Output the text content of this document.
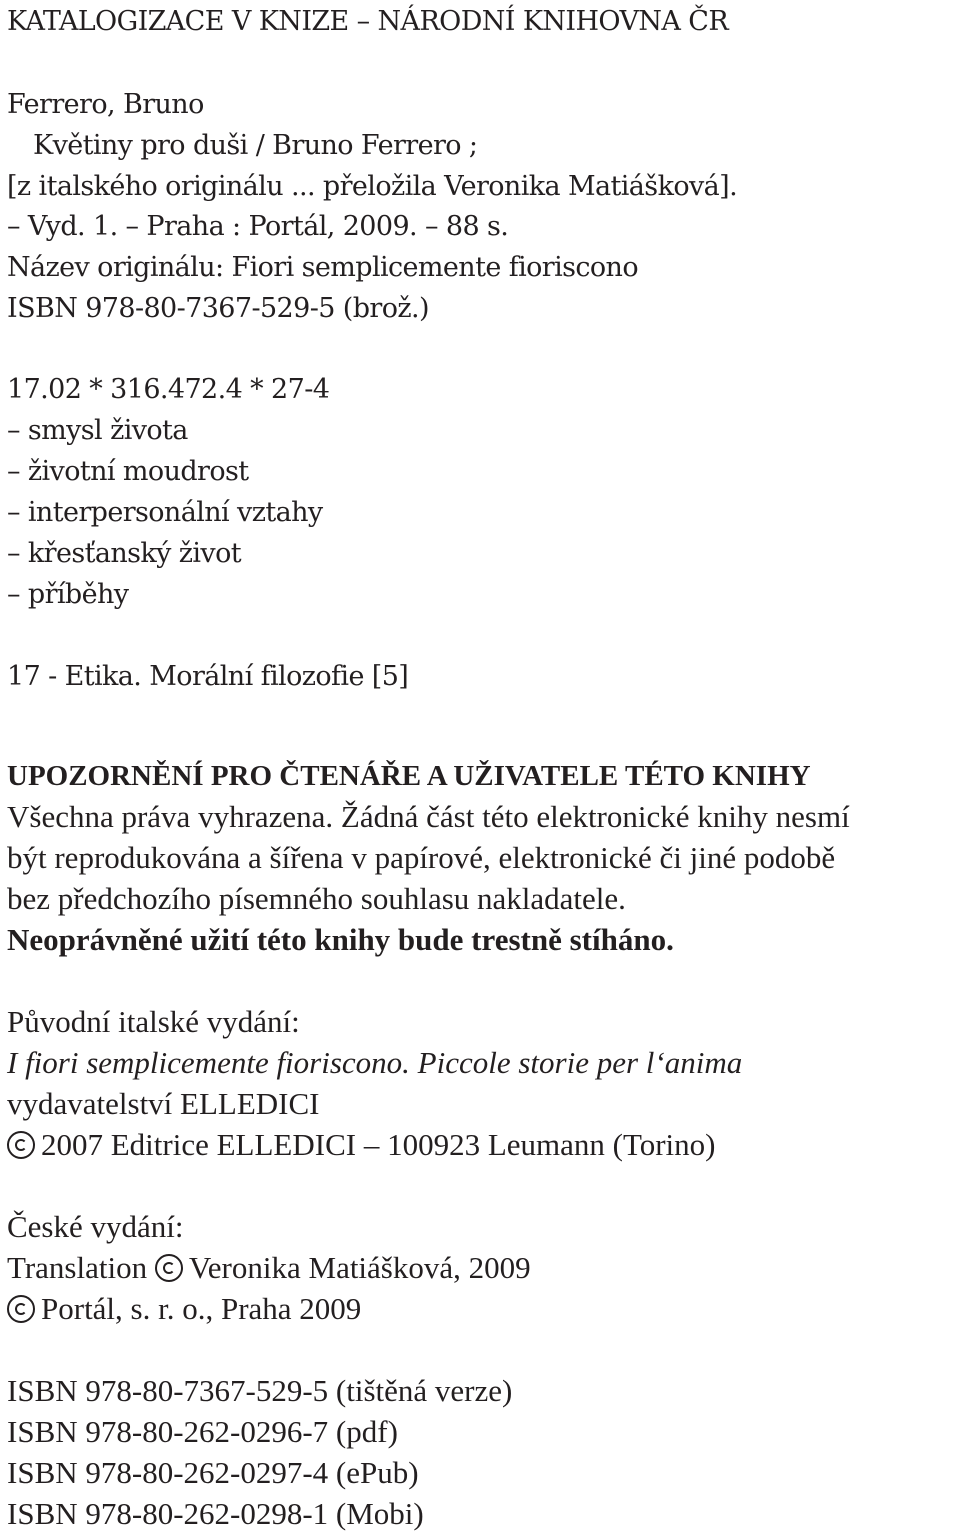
KATALOGIZACE V KNIZE – NÁRODNÍ KNIHOVNA ČR

Ferrero, Bruno

Květiny pro duši / Bruno Ferrero ;

[z italského originálu ... přeložila Veronika Matiášková].

– Vyd. 1. – Praha : Portál, 2009. – 88 s.

Název originálu: Fiori semplicemente fioriscono

ISBN 978-80-7367-529-5 (brož.)

17.02 * 316.472.4 * 27-4

– smysl života

– životní moudrost

– interpersonální vztahy

– křesťanský život

– příběhy

17 - Etika. Morální filozofie [5]

UPOZORNĚNÍ PRO ČTENÁŘE A UŽIVATELE TÉTO KNIHY

Všechna práva vyhrazena. Žádná část této elektronické knihy nesmí

být reprodukována a šířena v papírové, elektronické či jiné podobě

bez předchozího písemného souhlasu nakladatele.

Neoprávněné užití této knihy bude trestně stíháno.

Původní italské vydání:

I fiori semplicemente fioriscono. Piccole storie per l‘anima

vydavatelství ELLEDICI

2007 Editrice ELLEDICI – 100923 Leumann (Torino)

České vydání:

Translation Veronika Matiášková, 2009

Portál, s. r. o., Praha 2009

ISBN 978-80-7367-529-5 (tištěná verze)

ISBN 978-80-262-0296-7 (pdf)

ISBN 978-80-262-0297-4 (ePub)

ISBN 978-80-262-0298-1 (Mobi)
